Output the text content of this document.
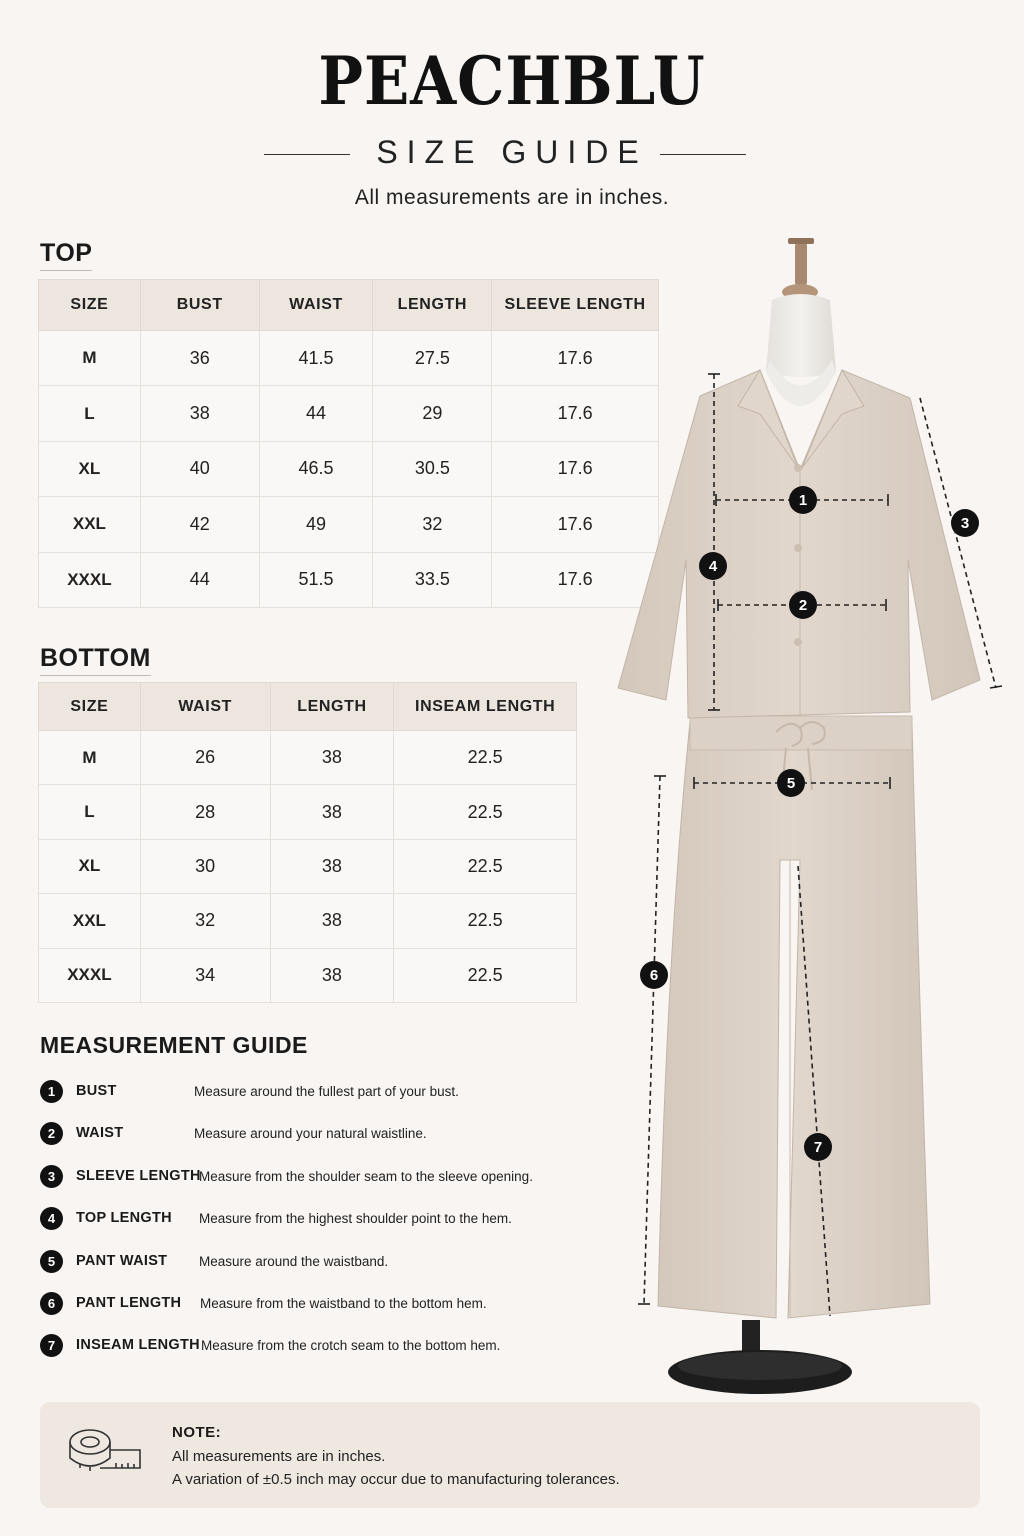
PEACHBLU
SIZE GUIDE
All measurements are in inches.
TOP
SIZE	BUST	WAIST	LENGTH	SLEEVE LENGTH
M	36	41.5	27.5	17.6
L	38	44	29	17.6
XL	40	46.5	30.5	17.6
XXL	42	49	32	17.6
XXXL	44	51.5	33.5	17.6
BOTTOM
SIZE	WAIST	LENGTH	INSEAM LENGTH
M	26	38	22.5
L	28	38	22.5
XL	30	38	22.5
XXL	32	38	22.5
XXXL	34	38	22.5
MEASUREMENT GUIDE
1	BUST	Measure around the fullest part of your bust.
2	WAIST	Measure around your natural waistline.
3	SLEEVE LENGTH
Measure from the shoulder seam to the sleeve opening.
4	TOP LENGTH Measure from the highest shoulder point to the hem.
5	PANT WAIST Measure around the waistband.
6	PANT LENGTH Measure from the waistband to the bottom hem.
7	INSEAM LENGTH Measure from the crotch seam to the bottom hem.
1
2
3
4
5
6
7
NOTE:
All measurements are in inches.
A variation of ±0.5 inch may occur due to manufacturing tolerances.
